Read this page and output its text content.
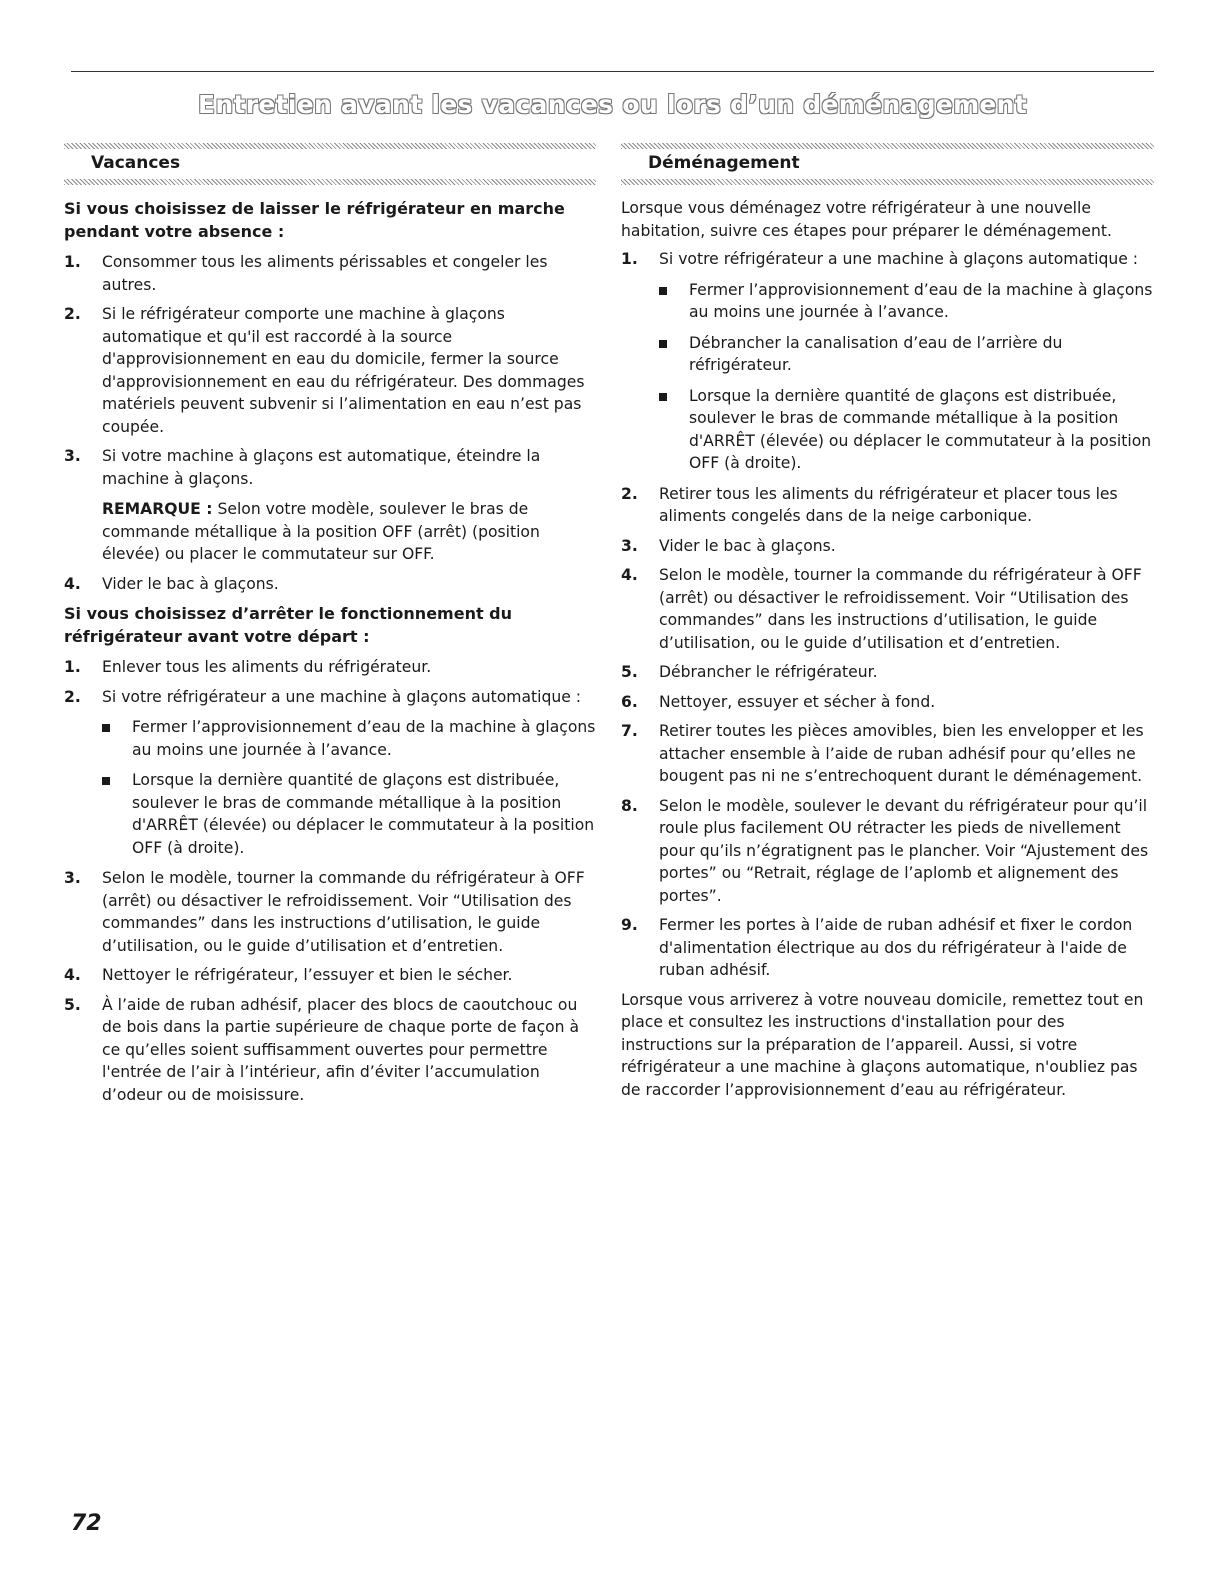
Entretien avant les vacances ou lors d’un déménagement
Vacances
Si vous choisissez de laisser le réfrigérateur en marche pendant votre absence :
1. Consommer tous les aliments périssables et congeler les autres.
2. Si le réfrigérateur comporte une machine à glaçons automatique et qu'il est raccordé à la source d'approvisionnement en eau du domicile, fermer la source d'approvisionnement en eau du réfrigérateur. Des dommages matériels peuvent subvenir si l’alimentation en eau n’est pas coupée.
3. Si votre machine à glaçons est automatique, éteindre la machine à glaçons.
REMARQUE : Selon votre modèle, soulever le bras de commande métallique à la position OFF (arrêt) (position élevée) ou placer le commutateur sur OFF.
4. Vider le bac à glaçons.
Si vous choisissez d’arrêter le fonctionnement du réfrigérateur avant votre départ :
1. Enlever tous les aliments du réfrigérateur.
2. Si votre réfrigérateur a une machine à glaçons automatique :
Fermer l’approvisionnement d’eau de la machine à glaçons au moins une journée à l’avance.
Lorsque la dernière quantité de glaçons est distribuée, soulever le bras de commande métallique à la position d'ARRÊT (élevée) ou déplacer le commutateur à la position OFF (à droite).
3. Selon le modèle, tourner la commande du réfrigérateur à OFF (arrêt) ou désactiver le refroidissement. Voir “Utilisation des commandes” dans les instructions d’utilisation, le guide d’utilisation, ou le guide d’utilisation et d’entretien.
4. Nettoyer le réfrigérateur, l’essuyer et bien le sécher.
5. À l’aide de ruban adhésif, placer des blocs de caoutchouc ou de bois dans la partie supérieure de chaque porte de façon à ce qu’elles soient suffisamment ouvertes pour permettre l'entrée de l’air à l’intérieur, afin d’éviter l’accumulation d’odeur ou de moisissure.
Déménagement

Lorsque vous déménagez votre réfrigérateur à une nouvelle habitation, suivre ces étapes pour préparer le déménagement.

1. Si votre réfrigérateur a une machine à glaçons automatique :
Fermer l’approvisionnement d’eau de la machine à glaçons au moins une journée à l’avance.
Débrancher la canalisation d’eau de l’arrière du réfrigérateur.
Lorsque la dernière quantité de glaçons est distribuée, soulever le bras de commande métallique à la position d'ARRÊT (élevée) ou déplacer le commutateur à la position OFF (à droite).
2. Retirer tous les aliments du réfrigérateur et placer tous les aliments congelés dans de la neige carbonique.
3. Vider le bac à glaçons.
4. Selon le modèle, tourner la commande du réfrigérateur à OFF (arrêt) ou désactiver le refroidissement. Voir “Utilisation des commandes” dans les instructions d’utilisation, le guide d’utilisation, ou le guide d’utilisation et d’entretien.
5. Débrancher le réfrigérateur.
6. Nettoyer, essuyer et sécher à fond.
7. Retirer toutes les pièces amovibles, bien les envelopper et les attacher ensemble à l’aide de ruban adhésif pour qu’elles ne bougent pas ni ne s’entrechoquent durant le déménagement.
8. Selon le modèle, soulever le devant du réfrigérateur pour qu’il roule plus facilement OU rétracter les pieds de nivellement pour qu’ils n’égratignent pas le plancher. Voir “Ajustement des portes” ou “Retrait, réglage de l’aplomb et alignement des portes”.
9. Fermer les portes à l’aide de ruban adhésif et fixer le cordon d'alimentation électrique au dos du réfrigérateur à l'aide de ruban adhésif.

Lorsque vous arriverez à votre nouveau domicile, remettez tout en place et consultez les instructions d'installation pour des instructions sur la préparation de l’appareil. Aussi, si votre réfrigérateur a une machine à glaçons automatique, n'oubliez pas de raccorder l’approvisionnement d’eau au réfrigérateur.

72
